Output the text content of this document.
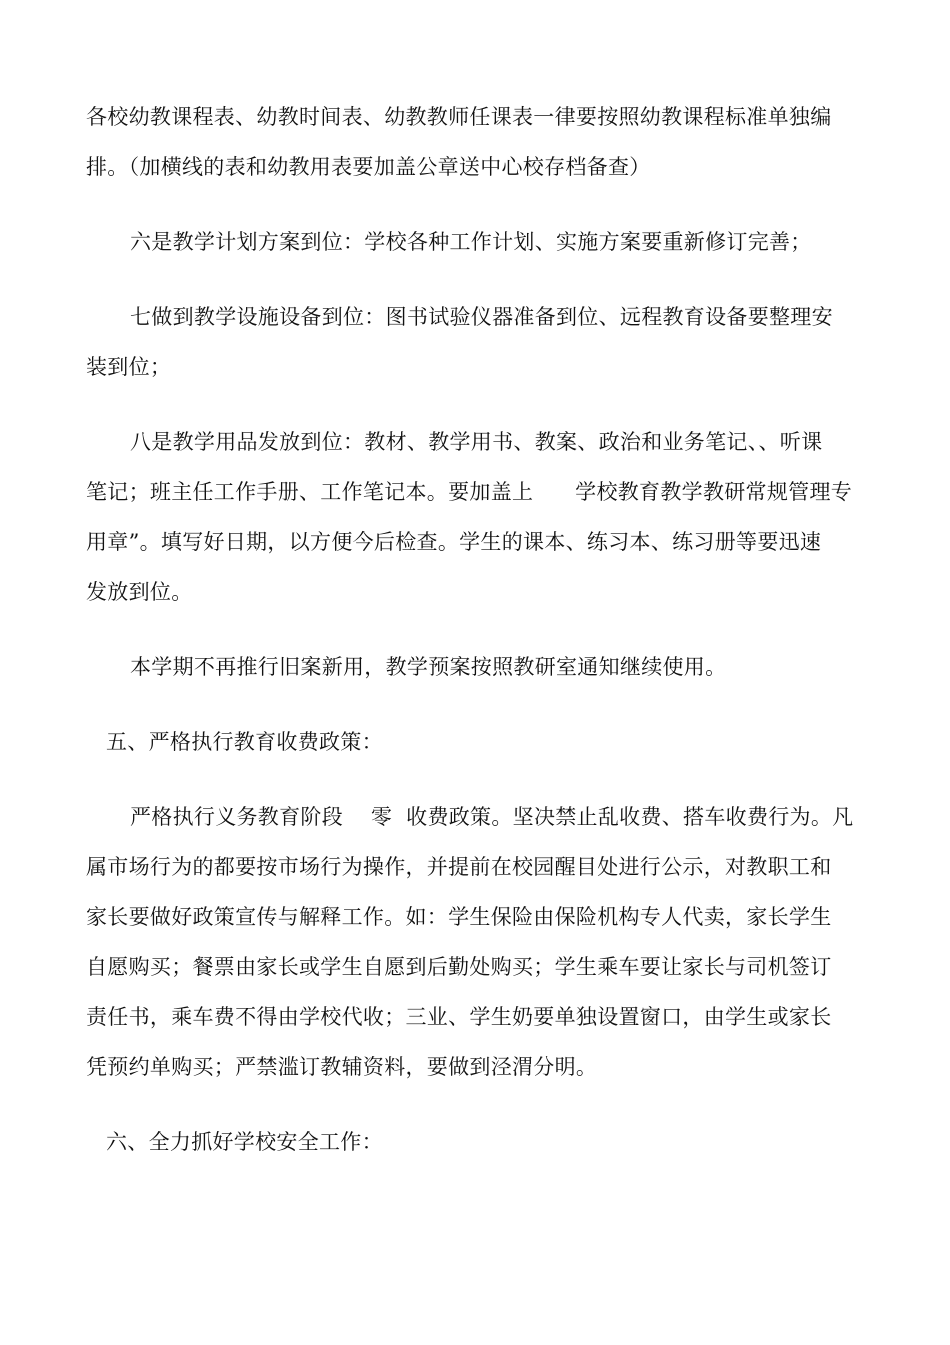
各校幼教课程表、幼教时间表、幼教教师任课表一律要按照幼教课程标准单独编
排。（加横线的表和幼教用表要加盖公章送中心校存档备查）
六是教学计划方案到位：学校各种工作计划、实施方案要重新修订完善；
七做到教学设施设备到位：图书试验仪器准备到位、远程教育设备要整理安
装到位；
八是教学用品发放到位：教材、教学用书、教案、政治和业务笔记、、听课
笔记；班主任工作手册、工作笔记本。要加盖上      学校教育教学教研常规管理专
用章”。填写好日期，以方便今后检查。学生的课本、练习本、练习册等要迅速
发放到位。
本学期不再推行旧案新用，教学预案按照教研室通知继续使用。
五、严格执行教育收费政策：
严格执行义务教育阶段    零  收费政策。坚决禁止乱收费、搭车收费行为。凡
属市场行为的都要按市场行为操作，并提前在校园醒目处进行公示，对教职工和
家长要做好政策宣传与解释工作。如：学生保险由保险机构专人代卖，家长学生
自愿购买；餐票由家长或学生自愿到后勤处购买；学生乘车要让家长与司机签订
责任书，乘车费不得由学校代收；三业、学生奶要单独设置窗口，由学生或家长
凭预约单购买；严禁滥订教辅资料，要做到泾渭分明。
六、全力抓好学校安全工作：
